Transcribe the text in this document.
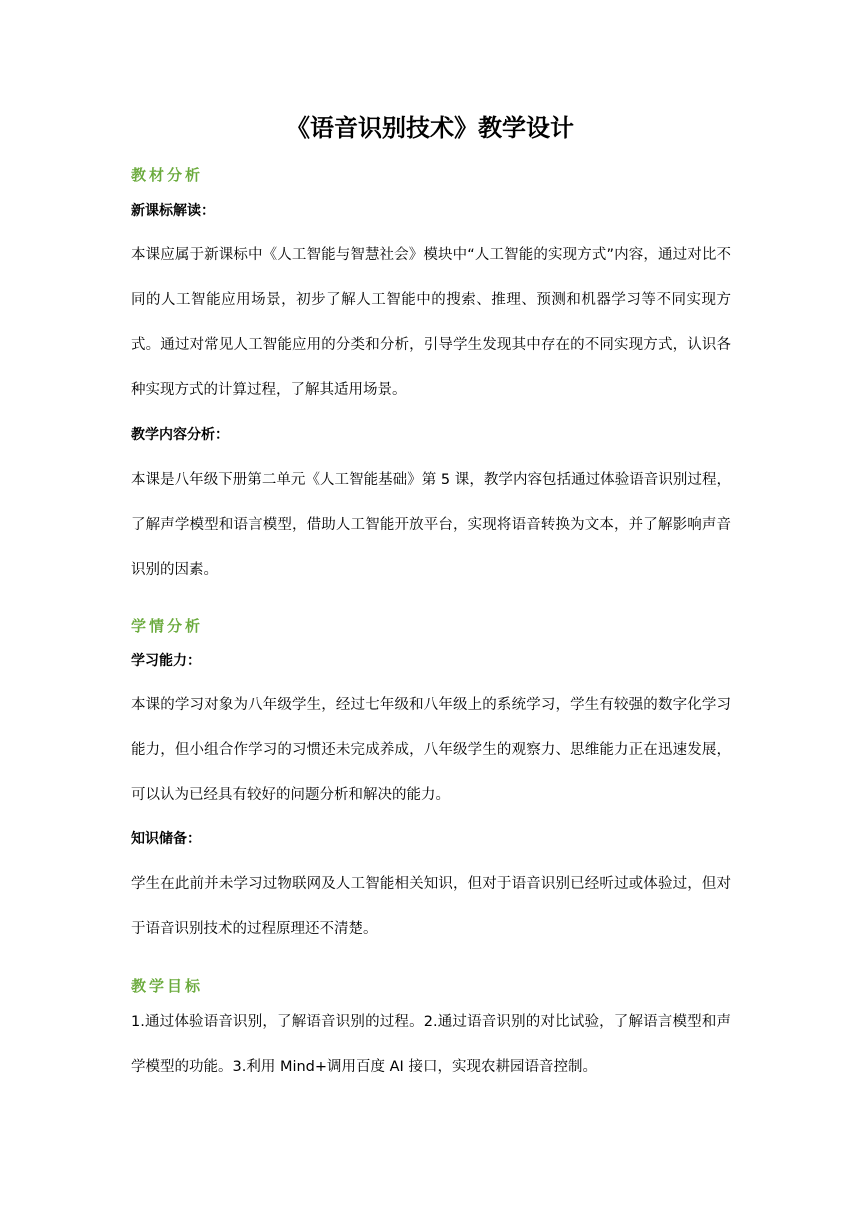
《语音识别技术》教学设计
教材分析
新课标解读：

本课应属于新课标中《人工智能与智慧社会》模块中“人工智能的实现方式”内容，通过对比不同的人工智能应用场景，初步了解人工智能中的搜索、推理、预测和机器学习等不同实现方式。通过对常见人工智能应用的分类和分析，引导学生发现其中存在的不同实现方式，认识各种实现方式的计算过程，了解其适用场景。

教学内容分析：

本课是八年级下册第二单元《人工智能基础》第 5 课，教学内容包括通过体验语音识别过程，了解声学模型和语言模型，借助人工智能开放平台，实现将语音转换为文本，并了解影响声音识别的因素。

学情分析
学习能力：

本课的学习对象为八年级学生，经过七年级和八年级上的系统学习，学生有较强的数字化学习能力，但小组合作学习的习惯还未完成养成，八年级学生的观察力、思维能力正在迅速发展，可以认为已经具有较好的问题分析和解决的能力。

知识储备：

学生在此前并未学习过物联网及人工智能相关知识，但对于语音识别已经听过或体验过，但对于语音识别技术的过程原理还不清楚。

教学目标

1.通过体验语音识别，了解语音识别的过程。2.通过语音识别的对比试验，了解语言模型和声学模型的功能。3.利用 Mind+调用百度 AI 接口，实现农耕园语音控制。
